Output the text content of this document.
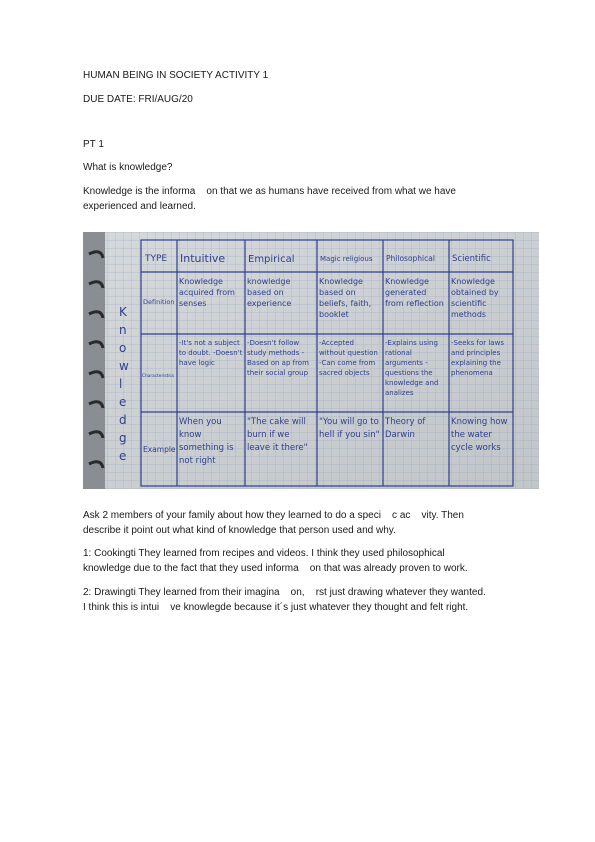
HUMAN BEING IN SOCIETY ACTIVITY 1
DUE DATE: FRI/AUG/20
PT 1
What is knowledge?
Knowledge is the informa    on that we as humans have received from what we have
experienced and learned.
K
n
o
w
l
e
d
g
e
TYPE Intuitive Empirical	Magic religious Philosophical Scientific
Definition
Knowledge acquired from senses
knowledge based on experience
Knowledge based on beliefs, faith, booklet
Knowledge generated from reflection
Knowledge obtained by scientific methods
Characteristics
-It's not a subject to doubt. -Doesn't have logic
-Doesn't follow study methods -Based on ap from their social group
-Accepted without question -Can come from sacred objects
-Explains using rational arguments -questions the knowledge and analizes
-Seeks for laws and principles explaining the phenomena
Example
When you know something is not right
"The cake will burn if we leave it there"
"You will go to hell if you sin"
Theory of Darwin
Knowing how the water cycle works
Ask 2 members of your family about how they learned to do a speci    c ac    vity. Then
describe it point out what kind of knowledge that person used and why.
1: Cookingti They learned from recipes and videos. I think they used philosophical
knowledge due to the fact that they used informa    on that was already proven to work.
2: Drawingti They learned from their imagina    on,    rst just drawing whatever they wanted.
I think this is intui    ve knowlegde because it´s just whatever they thought and felt right.
